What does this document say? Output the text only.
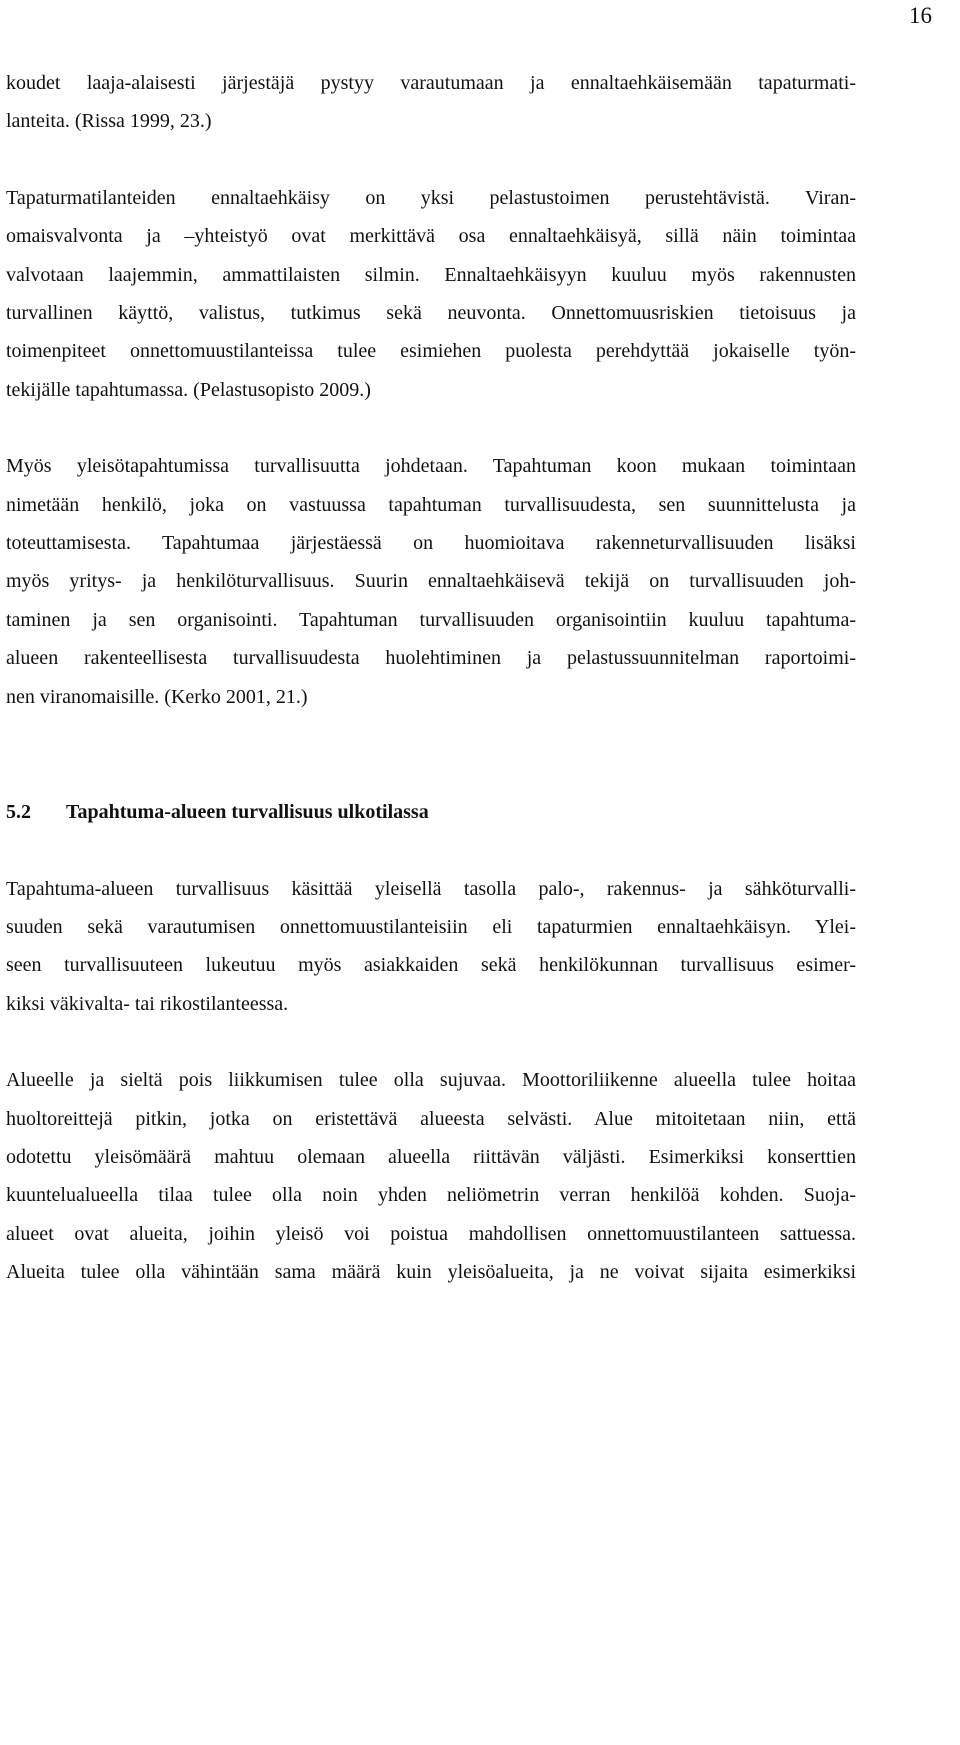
16

koudet laaja-alaisesti järjestäjä pystyy varautumaan ja ennaltaehkäisemään tapaturmati-
lanteita. (Rissa 1999, 23.)

Tapaturmatilanteiden ennaltaehkäisy on yksi pelastustoimen perustehtävistä. Viran-
omaisvalvonta ja –yhteistyö ovat merkittävä osa ennaltaehkäisyä, sillä näin toimintaa
valvotaan laajemmin, ammattilaisten silmin. Ennaltaehkäisyyn kuuluu myös rakennusten
turvallinen käyttö, valistus, tutkimus sekä neuvonta. Onnettomuusriskien tietoisuus ja
toimenpiteet onnettomuustilanteissa tulee esimiehen puolesta perehdyttää jokaiselle työn-
tekijälle tapahtumassa. (Pelastusopisto 2009.)

Myös yleisötapahtumissa turvallisuutta johdetaan. Tapahtuman koon mukaan toimintaan
nimetään henkilö, joka on vastuussa tapahtuman turvallisuudesta, sen suunnittelusta ja
toteuttamisesta. Tapahtumaa järjestäessä on huomioitava rakenneturvallisuuden lisäksi
myös yritys- ja henkilöturvallisuus. Suurin ennaltaehkäisevä tekijä on turvallisuuden joh-
taminen ja sen organisointi. Tapahtuman turvallisuuden organisointiin kuuluu tapahtuma-
alueen rakenteellisesta turvallisuudesta huolehtiminen ja pelastussuunnitelman raportoimi-
nen viranomaisille. (Kerko 2001, 21.)

5.2	Tapahtuma-alueen turvallisuus ulkotilassa

Tapahtuma-alueen turvallisuus käsittää yleisellä tasolla palo-, rakennus- ja sähköturvalli-
suuden sekä varautumisen onnettomuustilanteisiin eli tapaturmien ennaltaehkäisyn. Ylei-
seen turvallisuuteen lukeutuu myös asiakkaiden sekä henkilökunnan turvallisuus esimer-
kiksi väkivalta- tai rikostilanteessa.

Alueelle ja sieltä pois liikkumisen tulee olla sujuvaa. Moottoriliikenne alueella tulee hoitaa
huoltoreittejä pitkin, jotka on eristettävä alueesta selvästi. Alue mitoitetaan niin, että
odotettu yleisömäärä mahtuu olemaan alueella riittävän väljästi. Esimerkiksi konserttien
kuuntelualueella tilaa tulee olla noin yhden neliömetrin verran henkilöä kohden. Suoja-
alueet ovat alueita, joihin yleisö voi poistua mahdollisen onnettomuustilanteen sattuessa.
Alueita tulee olla vähintään sama määrä kuin yleisöalueita, ja ne voivat sijaita esimerkiksi
